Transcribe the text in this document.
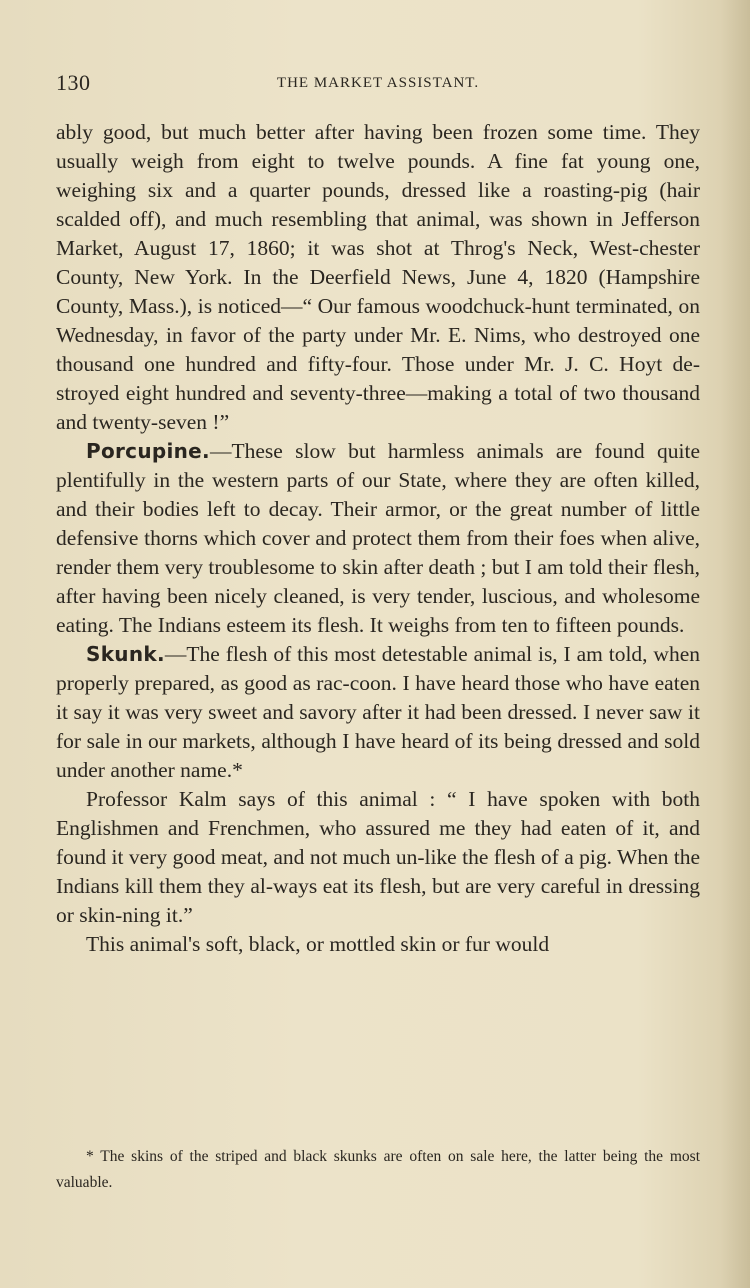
130	THE MARKET ASSISTANT.

ably good, but much better after having been frozen some time. They usually weigh from eight to twelve pounds. A fine fat young one, weighing six and a quarter pounds, dressed like a roasting-pig (hair scalded off), and much resembling that animal, was shown in Jefferson Market, August 17, 1860; it was shot at Throg's Neck, West-chester County, New York. In the Deerfield News, June 4, 1820 (Hampshire County, Mass.), is noticed—“ Our famous woodchuck-hunt terminated, on Wednesday, in favor of the party under Mr. E. Nims, who destroyed one thousand one hundred and fifty-four. Those under Mr. J. C. Hoyt de-stroyed eight hundred and seventy-three—making a total of two thousand and twenty-seven !”

Porcupine.—These slow but harmless animals are found quite plentifully in the western parts of our State, where they are often killed, and their bodies left to decay. Their armor, or the great number of little defensive thorns which cover and protect them from their foes when alive, render them very troublesome to skin after death ; but I am told their flesh, after having been nicely cleaned, is very tender, luscious, and wholesome eating. The Indians esteem its flesh. It weighs from ten to fifteen pounds.

Skunk.—The flesh of this most detestable animal is, I am told, when properly prepared, as good as rac-coon. I have heard those who have eaten it say it was very sweet and savory after it had been dressed. I never saw it for sale in our markets, although I have heard of its being dressed and sold under another name.*

Professor Kalm says of this animal : “ I have spoken with both Englishmen and Frenchmen, who assured me they had eaten of it, and found it very good meat, and not much un-like the flesh of a pig. When the Indians kill them they al-ways eat its flesh, but are very careful in dressing or skin-ning it.”

This animal's soft, black, or mottled skin or fur would

* The skins of the striped and black skunks are often on sale here, the latter being the most valuable.
